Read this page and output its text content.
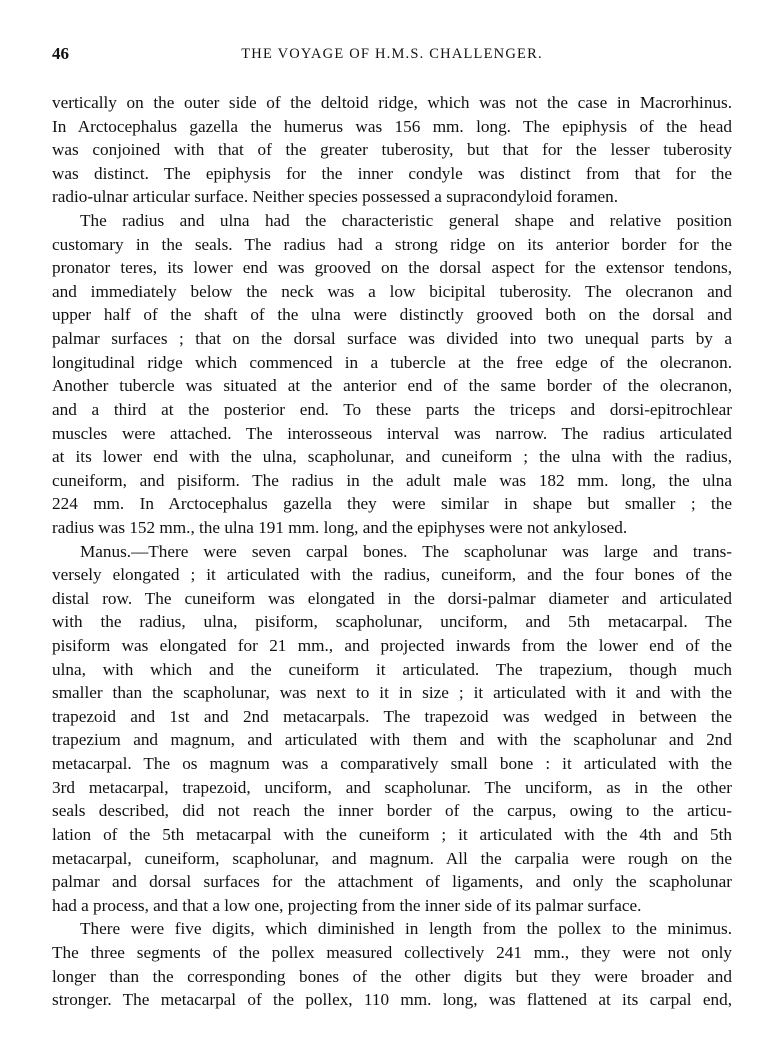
46	THE VOYAGE OF H.M.S. CHALLENGER.
vertically on the outer side of the deltoid ridge, which was not the case in Macrorhinus.
In Arctocephalus gazella the humerus was 156 mm. long. The epiphysis of the head
was conjoined with that of the greater tuberosity, but that for the lesser tuberosity
was distinct. The epiphysis for the inner condyle was distinct from that for the
radio-ulnar articular surface. Neither species possessed a supracondyloid foramen.
The radius and ulna had the characteristic general shape and relative position
customary in the seals. The radius had a strong ridge on its anterior border for the
pronator teres, its lower end was grooved on the dorsal aspect for the extensor tendons,
and immediately below the neck was a low bicipital tuberosity. The olecranon and
upper half of the shaft of the ulna were distinctly grooved both on the dorsal and
palmar surfaces ; that on the dorsal surface was divided into two unequal parts by a
longitudinal ridge which commenced in a tubercle at the free edge of the olecranon.
Another tubercle was situated at the anterior end of the same border of the olecranon,
and a third at the posterior end. To these parts the triceps and dorsi-epitrochlear
muscles were attached. The interosseous interval was narrow. The radius articulated
at its lower end with the ulna, scapholunar, and cuneiform ; the ulna with the radius,
cuneiform, and pisiform. The radius in the adult male was 182 mm. long, the ulna
224 mm. In Arctocephalus gazella they were similar in shape but smaller ; the
radius was 152 mm., the ulna 191 mm. long, and the epiphyses were not ankylosed.
Manus.—There were seven carpal bones. The scapholunar was large and trans-
versely elongated ; it articulated with the radius, cuneiform, and the four bones of the
distal row. The cuneiform was elongated in the dorsi-palmar diameter and articulated
with the radius, ulna, pisiform, scapholunar, unciform, and 5th metacarpal. The
pisiform was elongated for 21 mm., and projected inwards from the lower end of the
ulna, with which and the cuneiform it articulated. The trapezium, though much
smaller than the scapholunar, was next to it in size ; it articulated with it and with the
trapezoid and 1st and 2nd metacarpals. The trapezoid was wedged in between the
trapezium and magnum, and articulated with them and with the scapholunar and 2nd
metacarpal. The os magnum was a comparatively small bone : it articulated with the
3rd metacarpal, trapezoid, unciform, and scapholunar. The unciform, as in the other
seals described, did not reach the inner border of the carpus, owing to the articu-
lation of the 5th metacarpal with the cuneiform ; it articulated with the 4th and 5th
metacarpal, cuneiform, scapholunar, and magnum. All the carpalia were rough on the
palmar and dorsal surfaces for the attachment of ligaments, and only the scapholunar
had a process, and that a low one, projecting from the inner side of its palmar surface.
There were five digits, which diminished in length from the pollex to the minimus.
The three segments of the pollex measured collectively 241 mm., they were not only
longer than the corresponding bones of the other digits but they were broader and
stronger. The metacarpal of the pollex, 110 mm. long, was flattened at its carpal end,
